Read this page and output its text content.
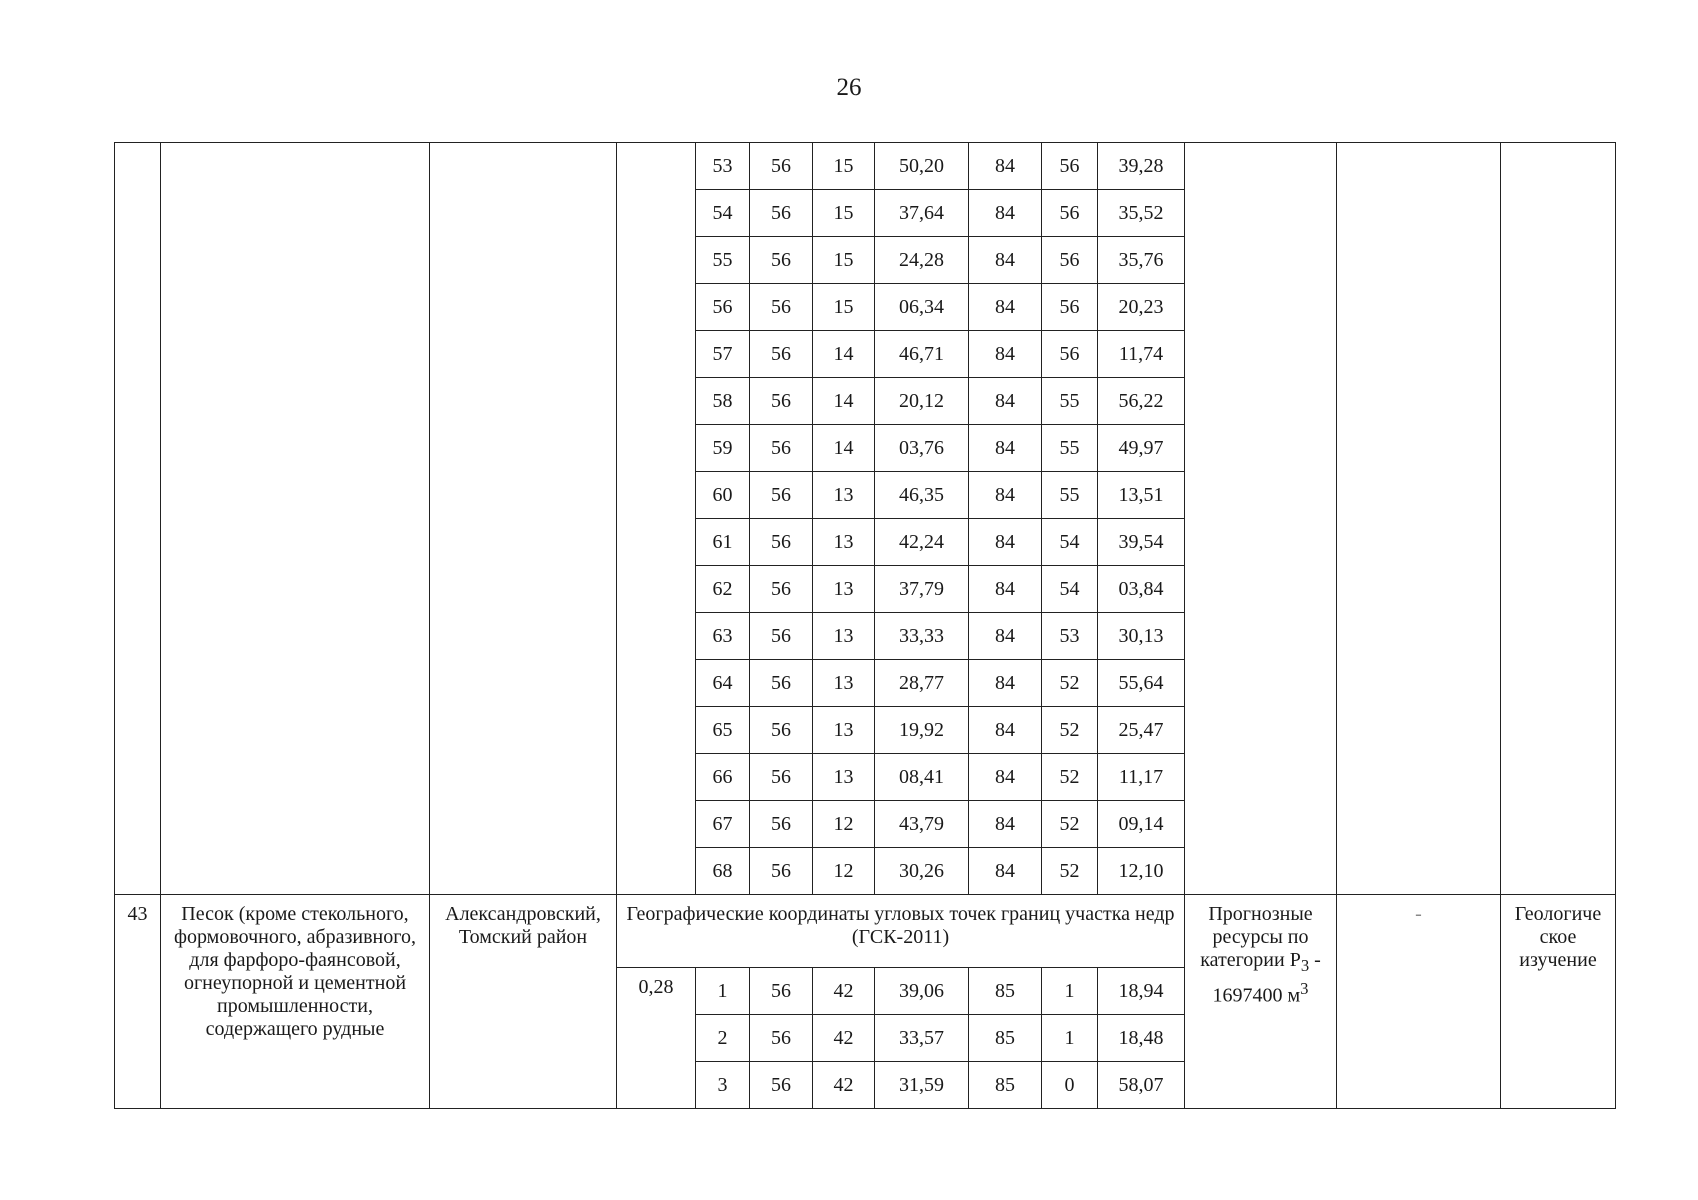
26
				53	56	15	50,20	84	56	39,28			
				54	56	15	37,64	84	56	35,52			
				55	56	15	24,28	84	56	35,76			
				56	56	15	06,34	84	56	20,23			
				57	56	14	46,71	84	56	11,74			
				58	56	14	20,12	84	55	56,22			
				59	56	14	03,76	84	55	49,97			
				60	56	13	46,35	84	55	13,51			
				61	56	13	42,24	84	54	39,54			
				62	56	13	37,79	84	54	03,84			
				63	56	13	33,33	84	53	30,13			
				64	56	13	28,77	84	52	55,64			
				65	56	13	19,92	84	52	25,47			
				66	56	13	08,41	84	52	11,17			
				67	56	12	43,79	84	52	09,14			
				68	56	12	30,26	84	52	12,10			
43	Песок (кроме стекольного, формовочного, абразивного, для фарфоро-фаянсовой, огнеупорной и цементной промышленности, содержащего рудные	Александровский, Томский район	Географические координаты угловых точек границ участка недр (ГСК-2011)								Прогнозные ресурсы по категории $P_3 - 1697400$ $м^3$	-	Геологиче ское изучение
			0,28	1	56	42	39,06	85	1	18,94			
				2	56	42	33,57	85	1	18,48			
				3	56	42	31,59	85	0	58,07			
